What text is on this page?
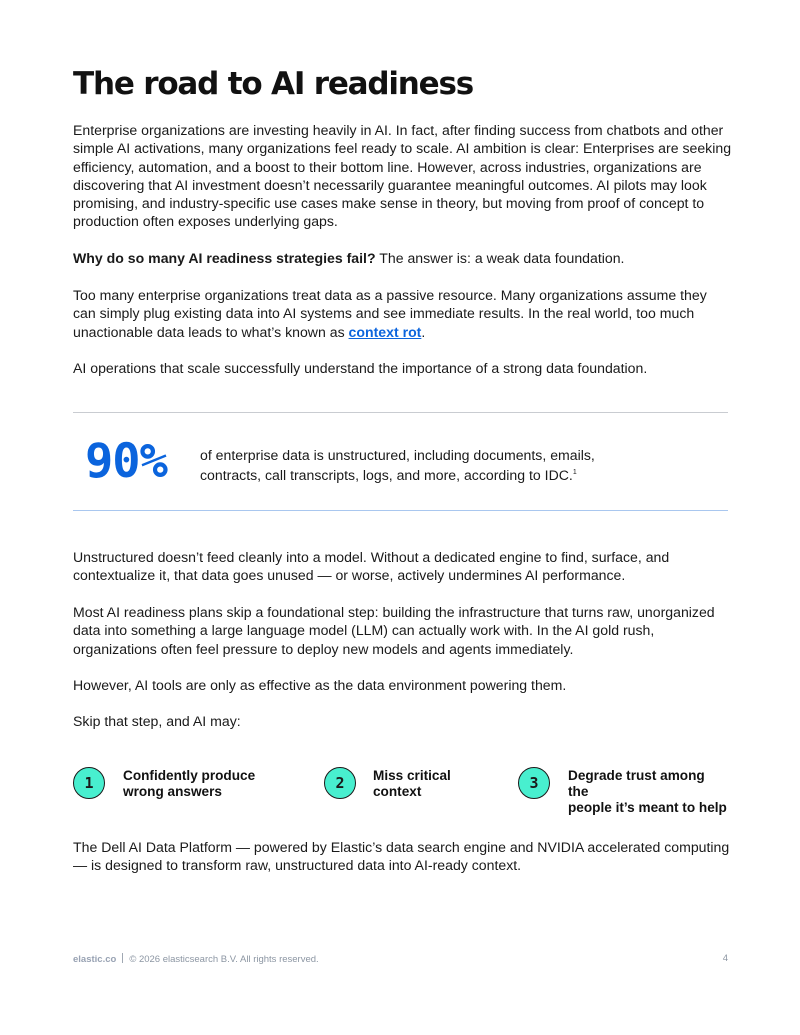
The road to AI readiness

Enterprise organizations are investing heavily in AI. In fact, after finding success from chatbots and other simple AI activations, many organizations feel ready to scale. AI ambition is clear: Enterprises are seeking efficiency, automation, and a boost to their bottom line. However, across industries, organizations are discovering that AI investment doesn’t necessarily guarantee meaningful outcomes. AI pilots may look promising, and industry-specific use cases make sense in theory, but moving from proof of concept to production often exposes underlying gaps.

Why do so many AI readiness strategies fail? The answer is: a weak data foundation.

Too many enterprise organizations treat data as a passive resource. Many organizations assume they can simply plug existing data into AI systems and see immediate results. In the real world, too much unactionable data leads to what’s known as context rot.

AI operations that scale successfully understand the importance of a strong data foundation.

90% of enterprise data is unstructured, including documents, emails, contracts, call transcripts, logs, and more, according to IDC.$^1$

Unstructured doesn’t feed cleanly into a model. Without a dedicated engine to find, surface, and contextualize it, that data goes unused — or worse, actively undermines AI performance.

Most AI readiness plans skip a foundational step: building the infrastructure that turns raw, unorganized data into something a large language model (LLM) can actually work with. In the AI gold rush, organizations often feel pressure to deploy new models and agents immediately.

However, AI tools are only as effective as the data environment powering them.

Skip that step, and AI may:

1	Confidently produce
wrong answers	2	Miss critical
context	3	Degrade trust among the
people it’s meant to help

The Dell AI Data Platform — powered by Elastic’s data search engine and NVIDIA accelerated computing — is designed to transform raw, unstructured data into AI-ready context.

elastic.co © 2026 elasticsearch B.V. All rights reserved.	4
